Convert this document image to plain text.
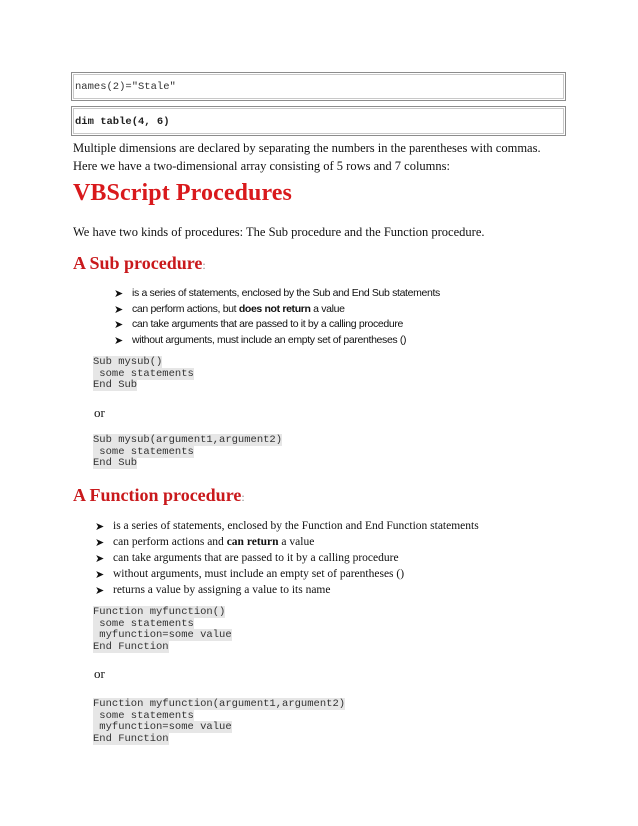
names(2)="Stale"
dim table(4, 6)
Multiple dimensions are declared by separating the numbers in the parentheses with commas.
Here we have a two-dimensional array consisting of 5 rows and 7 columns:
VBScript Procedures
We have two kinds of procedures: The Sub procedure and the Function procedure.
A Sub procedure:
➤ is a series of statements, enclosed by the Sub and End Sub statements
➤ can perform actions, but does not return a value
➤ can take arguments that are passed to it by a calling procedure
➤ without arguments, must include an empty set of parentheses ()
Sub mysub()
some statements
End Sub
or
Sub mysub(argument1,argument2)
some statements
End Sub
A Function procedure:
➤ is a series of statements, enclosed by the Function and End Function statements
➤ can perform actions and can return a value
➤ can take arguments that are passed to it by a calling procedure
➤ without arguments, must include an empty set of parentheses ()
➤ returns a value by assigning a value to its name
Function myfunction()
some statements
myfunction=some value
End Function
or
Function myfunction(argument1,argument2)
some statements
myfunction=some value
End Function
